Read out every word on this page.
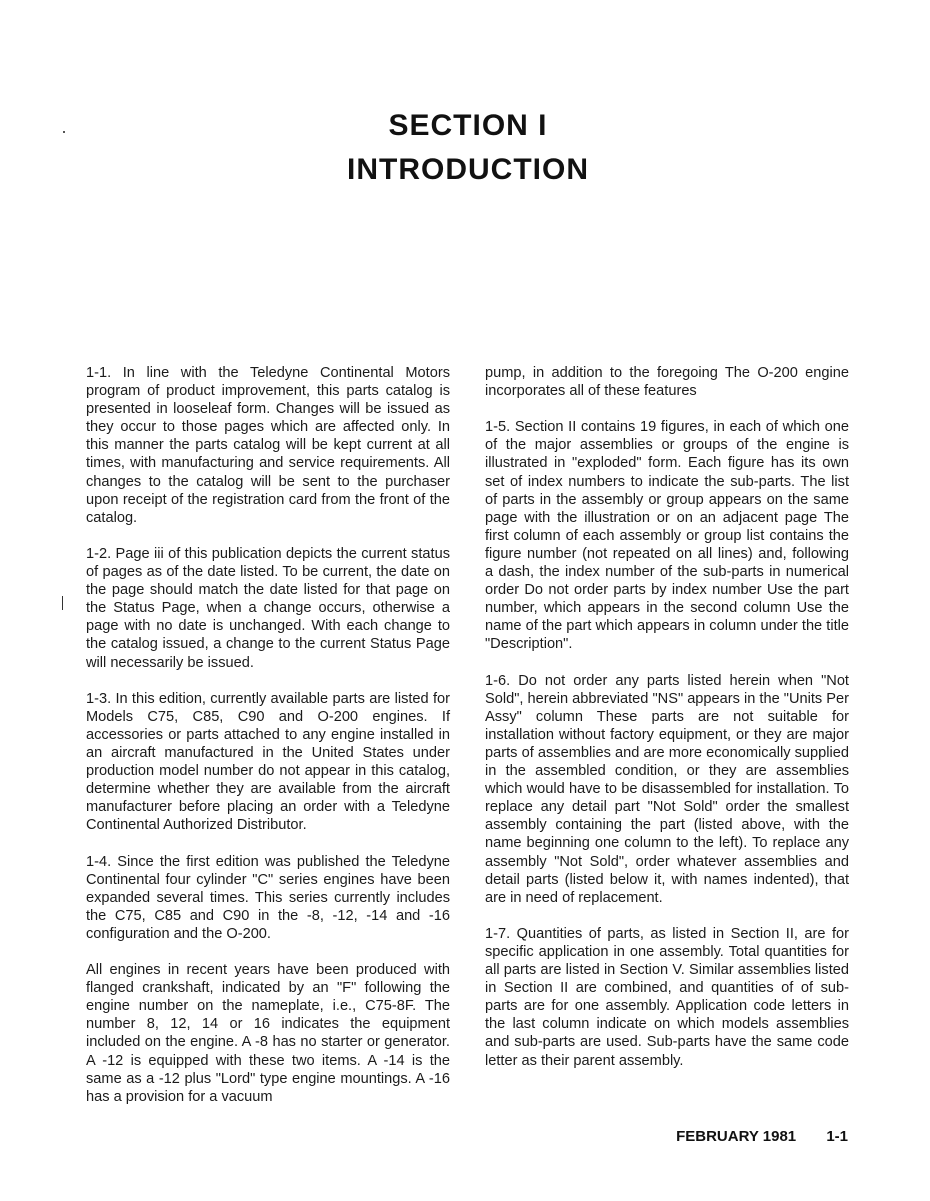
SECTION I
INTRODUCTION

1-1. In line with the Teledyne Continental Motors program of product improvement, this parts catalog is presented in looseleaf form. Changes will be issued as they occur to those pages which are affected only. In this manner the parts catalog will be kept current at all times, with manufacturing and service requirements. All changes to the catalog will be sent to the purchaser upon receipt of the registration card from the front of the catalog.

1-2. Page iii of this publication depicts the current status of pages as of the date listed. To be current, the date on the page should match the date listed for that page on the Status Page, when a change occurs, otherwise a page with no date is unchanged. With each change to the catalog issued, a change to the current Status Page will necessarily be issued.

1-3. In this edition, currently available parts are listed for Models C75, C85, C90 and O-200 engines. If accessories or parts attached to any engine installed in an aircraft manufactured in the United States under production model number do not appear in this catalog, determine whether they are available from the aircraft manufacturer before placing an order with a Teledyne Continental Authorized Distributor.

1-4. Since the first edition was published the Teledyne Continental four cylinder "C" series engines have been expanded several times. This series currently includes the C75, C85 and C90 in the -8, -12, -14 and -16 configuration and the O-200.

All engines in recent years have been produced with flanged crankshaft, indicated by an "F" following the engine number on the nameplate, i.e., C75-8F. The number 8, 12, 14 or 16 indicates the equipment included on the engine. A -8 has no starter or generator. A -12 is equipped with these two items. A -14 is the same as a -12 plus "Lord" type engine mountings. A -16 has a provision for a vacuum

pump, in addition to the foregoing The O-200 engine incorporates all of these features

1-5. Section II contains 19 figures, in each of which one of the major assemblies or groups of the engine is illustrated in "exploded" form. Each figure has its own set of index numbers to indicate the sub-parts. The list of parts in the assembly or group appears on the same page with the illustration or on an adjacent page The first column of each assembly or group list contains the figure number (not repeated on all lines) and, following a dash, the index number of the sub-parts in numerical order Do not order parts by index number Use the part number, which appears in the second column Use the name of the part which appears in column under the title "Description".

1-6. Do not order any parts listed herein when "Not Sold", herein abbreviated "NS" appears in the "Units Per Assy" column These parts are not suitable for installation without factory equipment, or they are major parts of assemblies and are more economically supplied in the assembled condition, or they are assemblies which would have to be disassembled for installation. To replace any detail part "Not Sold" order the smallest assembly containing the part (listed above, with the name beginning one column to the left). To replace any assembly "Not Sold", order whatever assemblies and detail parts (listed below it, with names indented), that are in need of replacement.

1-7. Quantities of parts, as listed in Section II, are for specific application in one assembly. Total quantities for all parts are listed in Section V. Similar assemblies listed in Section II are combined, and quantities of of sub-parts are for one assembly. Application code letters in the last column indicate on which models assemblies and sub-parts are used. Sub-parts have the same code letter as their parent assembly.

FEBRUARY 1981 1-1
